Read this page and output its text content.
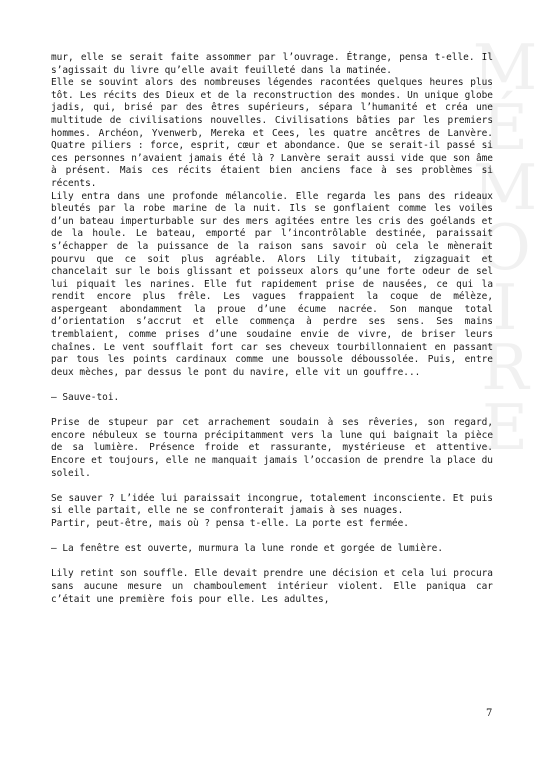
M
É
M
O
I
R
E

mur, elle se serait faite assommer par l’ouvrage. Étrange, pensa t-elle. Il s’agissait du livre qu’elle avait feuilleté dans la matinée.

Elle se souvint alors des nombreuses légendes racontées quelques heures plus tôt. Les récits des Dieux et de la reconstruction des mondes. Un unique globe jadis, qui, brisé par des êtres supérieurs, sépara l’humanité et créa une multitude de civilisations nouvelles. Civilisations bâties par les premiers hommes. Archéon, Yvenwerb, Mereka et Cees, les quatre ancêtres de Lanvère. Quatre piliers : force, esprit, cœur et abondance. Que se serait-il passé si ces personnes n’avaient jamais été là ? Lanvère serait aussi vide que son âme à présent. Mais ces récits étaient bien anciens face à ses problèmes si récents.

Lily entra dans une profonde mélancolie. Elle regarda les pans des rideaux bleutés par la robe marine de la nuit. Ils se gonflaient comme les voiles d’un bateau imperturbable sur des mers agitées entre les cris des goélands et de la houle. Le bateau, emporté par l’incontrôlable destinée, paraissait s’échapper de la puissance de la raison sans savoir où cela le mènerait pourvu que ce soit plus agréable. Alors Lily titubait, zigzaguait et chancelait sur le bois glissant et poisseux alors qu’une forte odeur de sel lui piquait les narines. Elle fut rapidement prise de nausées, ce qui la rendit encore plus frêle. Les vagues frappaient la coque de mélèze, aspergeant abondamment la proue d’une écume nacrée. Son manque total d’orientation s’accrut et elle commença à perdre ses sens. Ses mains tremblaient, comme prises d’une soudaine envie de vivre, de briser leurs chaînes. Le vent soufflait fort car ses cheveux tourbillonnaient en passant par tous les points cardinaux comme une boussole déboussolée. Puis, entre deux mèches, par dessus le pont du navire, elle vit un gouffre...

– Sauve-toi.

Prise de stupeur par cet arrachement soudain à ses rêveries, son regard, encore nébuleux se tourna précipitamment vers la lune qui baignait la pièce de sa lumière. Présence froide et rassurante, mystérieuse et attentive. Encore et toujours, elle ne manquait jamais l’occasion de prendre la place du soleil.

Se sauver ? L’idée lui paraissait incongrue, totalement inconsciente. Et puis si elle partait, elle ne se confronterait jamais à ses nuages.

Partir, peut-être, mais où ? pensa t-elle. La porte est fermée.

– La fenêtre est ouverte, murmura la lune ronde et gorgée de lumière.

Lily retint son souffle. Elle devait prendre une décision et cela lui procura sans aucune mesure un chamboulement intérieur violent. Elle paniqua car c’était une première fois pour elle. Les adultes,

7
